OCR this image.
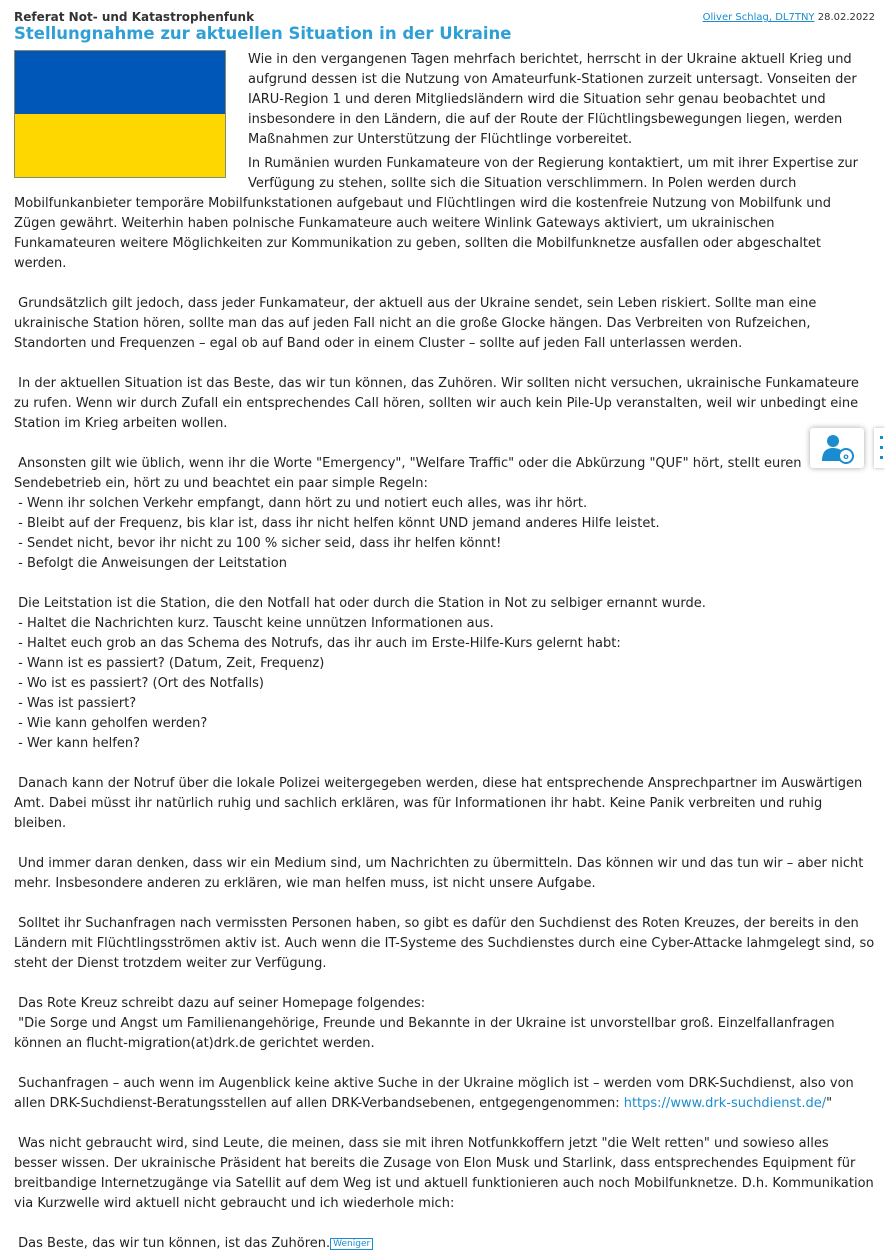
Referat Not- und Katastrophenfunk	Oliver Schlag, DL7TNY 28.02.2022
Stellungnahme zur aktuellen Situation in der Ukraine

Wie in den vergangenen Tagen mehrfach berichtet, herrscht in der Ukraine aktuell Krieg und aufgrund dessen ist die Nutzung von Amateurfunk-Stationen zurzeit untersagt. Vonseiten der IARU-Region 1 und deren Mitgliedsländern wird die Situation sehr genau beobachtet und insbesondere in den Ländern, die auf der Route der Flüchtlingsbewegungen liegen, werden Maßnahmen zur Unterstützung der Flüchtlinge vorbereitet.

In Rumänien wurden Funkamateure von der Regierung kontaktiert, um mit ihrer Expertise zur Verfügung zu stehen, sollte sich die Situation verschlimmern. In Polen werden durch Mobilfunkanbieter temporäre Mobilfunkstationen aufgebaut und Flüchtlingen wird die kostenfreie Nutzung von Mobilfunk und Zügen gewährt. Weiterhin haben polnische Funkamateure auch weitere Winlink Gateways aktiviert, um ukrainischen Funkamateuren weitere Möglichkeiten zur Kommunikation zu geben, sollten die Mobilfunknetze ausfallen oder abgeschaltet werden.

Grundsätzlich gilt jedoch, dass jeder Funkamateur, der aktuell aus der Ukraine sendet, sein Leben riskiert. Sollte man eine ukrainische Station hören, sollte man das auf jeden Fall nicht an die große Glocke hängen. Das Verbreiten von Rufzeichen, Standorten und Frequenzen – egal ob auf Band oder in einem Cluster – sollte auf jeden Fall unterlassen werden.

In der aktuellen Situation ist das Beste, das wir tun können, das Zuhören. Wir sollten nicht versuchen, ukrainische Funkamateure zu rufen. Wenn wir durch Zufall ein entsprechendes Call hören, sollten wir auch kein Pile-Up veranstalten, weil wir unbedingt eine Station im Krieg arbeiten wollen.

Ansonsten gilt wie üblich, wenn ihr die Worte "Emergency", "Welfare Traffic" oder die Abkürzung "QUF" hört, stellt euren Sendebetrieb ein, hört zu und beachtet ein paar simple Regeln:

- Wenn ihr solchen Verkehr empfangt, dann hört zu und notiert euch alles, was ihr hört.

- Bleibt auf der Frequenz, bis klar ist, dass ihr nicht helfen könnt UND jemand anderes Hilfe leistet.

- Sendet nicht, bevor ihr nicht zu 100 % sicher seid, dass ihr helfen könnt!

- Befolgt die Anweisungen der Leitstation

Die Leitstation ist die Station, die den Notfall hat oder durch die Station in Not zu selbiger ernannt wurde.

- Haltet die Nachrichten kurz. Tauscht keine unnützen Informationen aus.

- Haltet euch grob an das Schema des Notrufs, das ihr auch im Erste-Hilfe-Kurs gelernt habt:

- Wann ist es passiert? (Datum, Zeit, Frequenz)

- Wo ist es passiert? (Ort des Notfalls)

- Was ist passiert?

- Wie kann geholfen werden?

- Wer kann helfen?

Danach kann der Notruf über die lokale Polizei weitergegeben werden, diese hat entsprechende Ansprechpartner im Auswärtigen Amt. Dabei müsst ihr natürlich ruhig und sachlich erklären, was für Informationen ihr habt. Keine Panik verbreiten und ruhig bleiben.

Und immer daran denken, dass wir ein Medium sind, um Nachrichten zu übermitteln. Das können wir und das tun wir – aber nicht mehr. Insbesondere anderen zu erklären, wie man helfen muss, ist nicht unsere Aufgabe.

Solltet ihr Suchanfragen nach vermissten Personen haben, so gibt es dafür den Suchdienst des Roten Kreuzes, der bereits in den Ländern mit Flüchtlingsströmen aktiv ist. Auch wenn die IT-Systeme des Suchdienstes durch eine Cyber-Attacke lahmgelegt sind, so steht der Dienst trotzdem weiter zur Verfügung.

Das Rote Kreuz schreibt dazu auf seiner Homepage folgendes:

"Die Sorge und Angst um Familienangehörige, Freunde und Bekannte in der Ukraine ist unvorstellbar groß. Einzelfallanfragen können an flucht-migration(at)drk.de gerichtet werden.

Suchanfragen – auch wenn im Augenblick keine aktive Suche in der Ukraine möglich ist – werden vom DRK-Suchdienst, also von allen DRK-Suchdienst-Beratungsstellen auf allen DRK-Verbandsebenen, entgegengenommen: https://www.drk-suchdienst.de/"

Was nicht gebraucht wird, sind Leute, die meinen, dass sie mit ihren Notfunkkoffern jetzt "die Welt retten" und sowieso alles besser wissen. Der ukrainische Präsident hat bereits die Zusage von Elon Musk und Starlink, dass entsprechendes Equipment für breitbandige Internetzugänge via Satellit auf dem Weg ist und aktuell funktionieren auch noch Mobilfunknetze. D.h. Kommunikation via Kurzwelle wird aktuell nicht gebraucht und ich wiederhole mich:

Das Beste, das wir tun können, ist das Zuhören. Weniger

o
